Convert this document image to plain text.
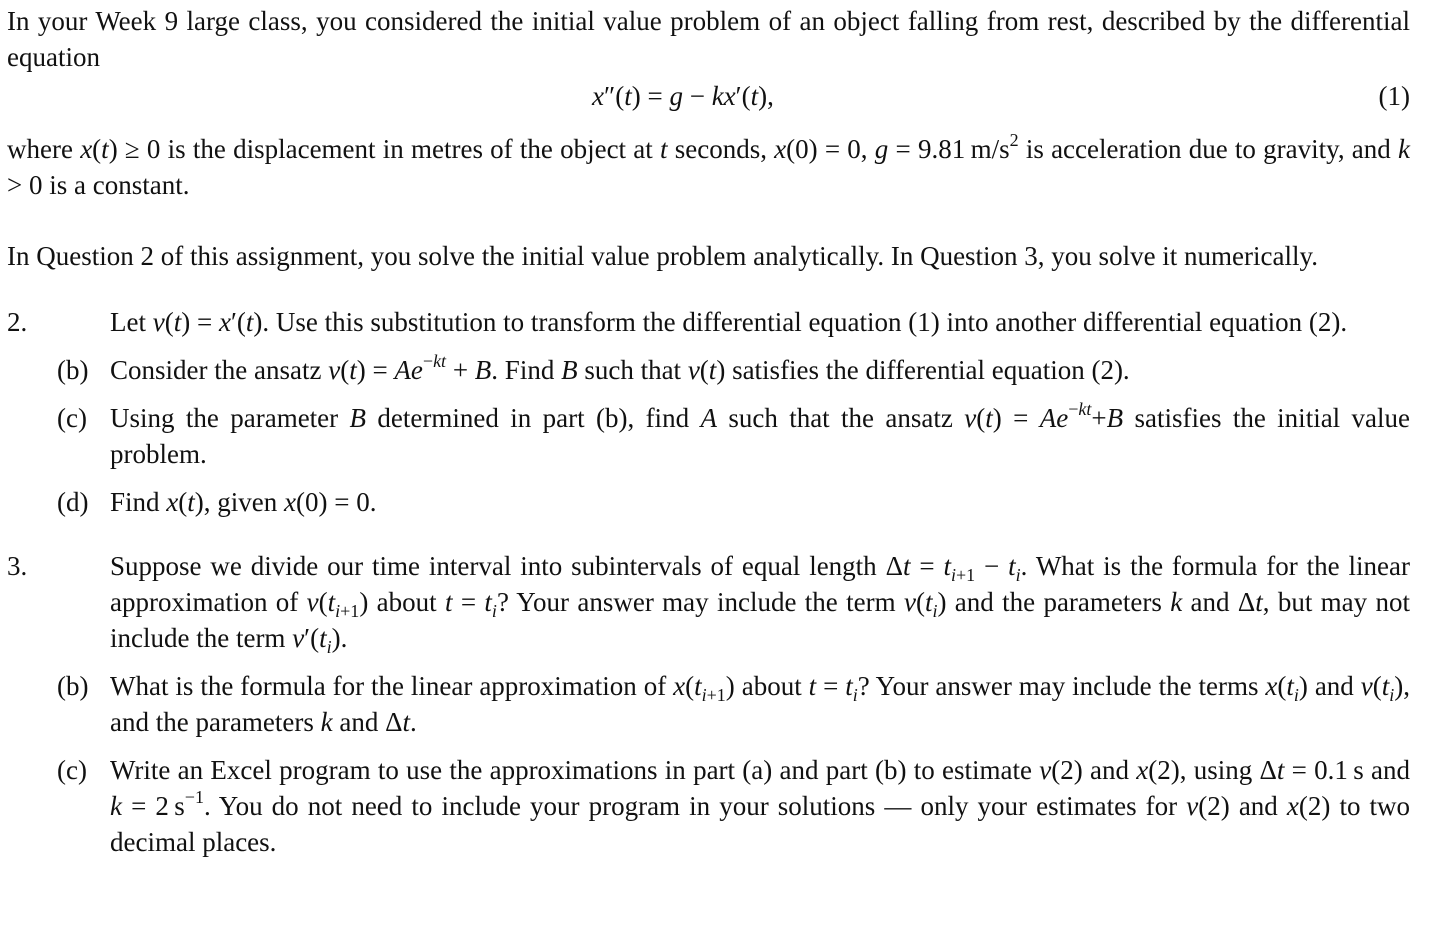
In your Week 9 large class, you considered the initial value problem of an object falling from rest, described by the differential equation

x″(t) = g − kx′(t),	(1)

where x(t) ≥ 0 is the displacement in metres of the object at t seconds, x(0) = 0, g = 9.81 $m/s^2$ is acceleration due to gravity, and k > 0 is a constant.

In Question 2 of this assignment, you solve the initial value problem analytically. In Question 3, you solve it numerically.

2.	Let v(t) = x′(t). Use this substitution to transform the differential equation (1) into another differential equation (2).

(b) Consider the ansatz $v(t) = Ae^{-kt} + B$. Find B such that v(t) satisfies the differential equation (2).

(c) Using the parameter B determined in part (b), find A such that the ansatz $v(t) = Ae^{-kt}+B$ satisfies the initial value problem.

(d) Find x(t), given x(0) = 0.

3.	Suppose we divide our time interval into subintervals of equal length $\Delta t = t_{i+1} - t_i$. What is the formula for the linear approximation of $v(t_{i+1})$ about $t = t_i$? Your answer may include the term $v(t_i)$ and the parameters k and Δt, but may not include the term $v'(t_i)$.

(b) What is the formula for the linear approximation of $x(t_{i+1})$ about $t = t_i$? Your answer may include the terms $x(t_i)$ and $v(t_i)$, and the parameters k and Δt.

(c) Write an Excel program to use the approximations in part (a) and part (b) to estimate v(2) and x(2), using Δt = 0.1 s and k = 2 $s^{-1}$. You do not need to include your program in your solutions — only your estimates for v(2) and x(2) to two decimal places.
